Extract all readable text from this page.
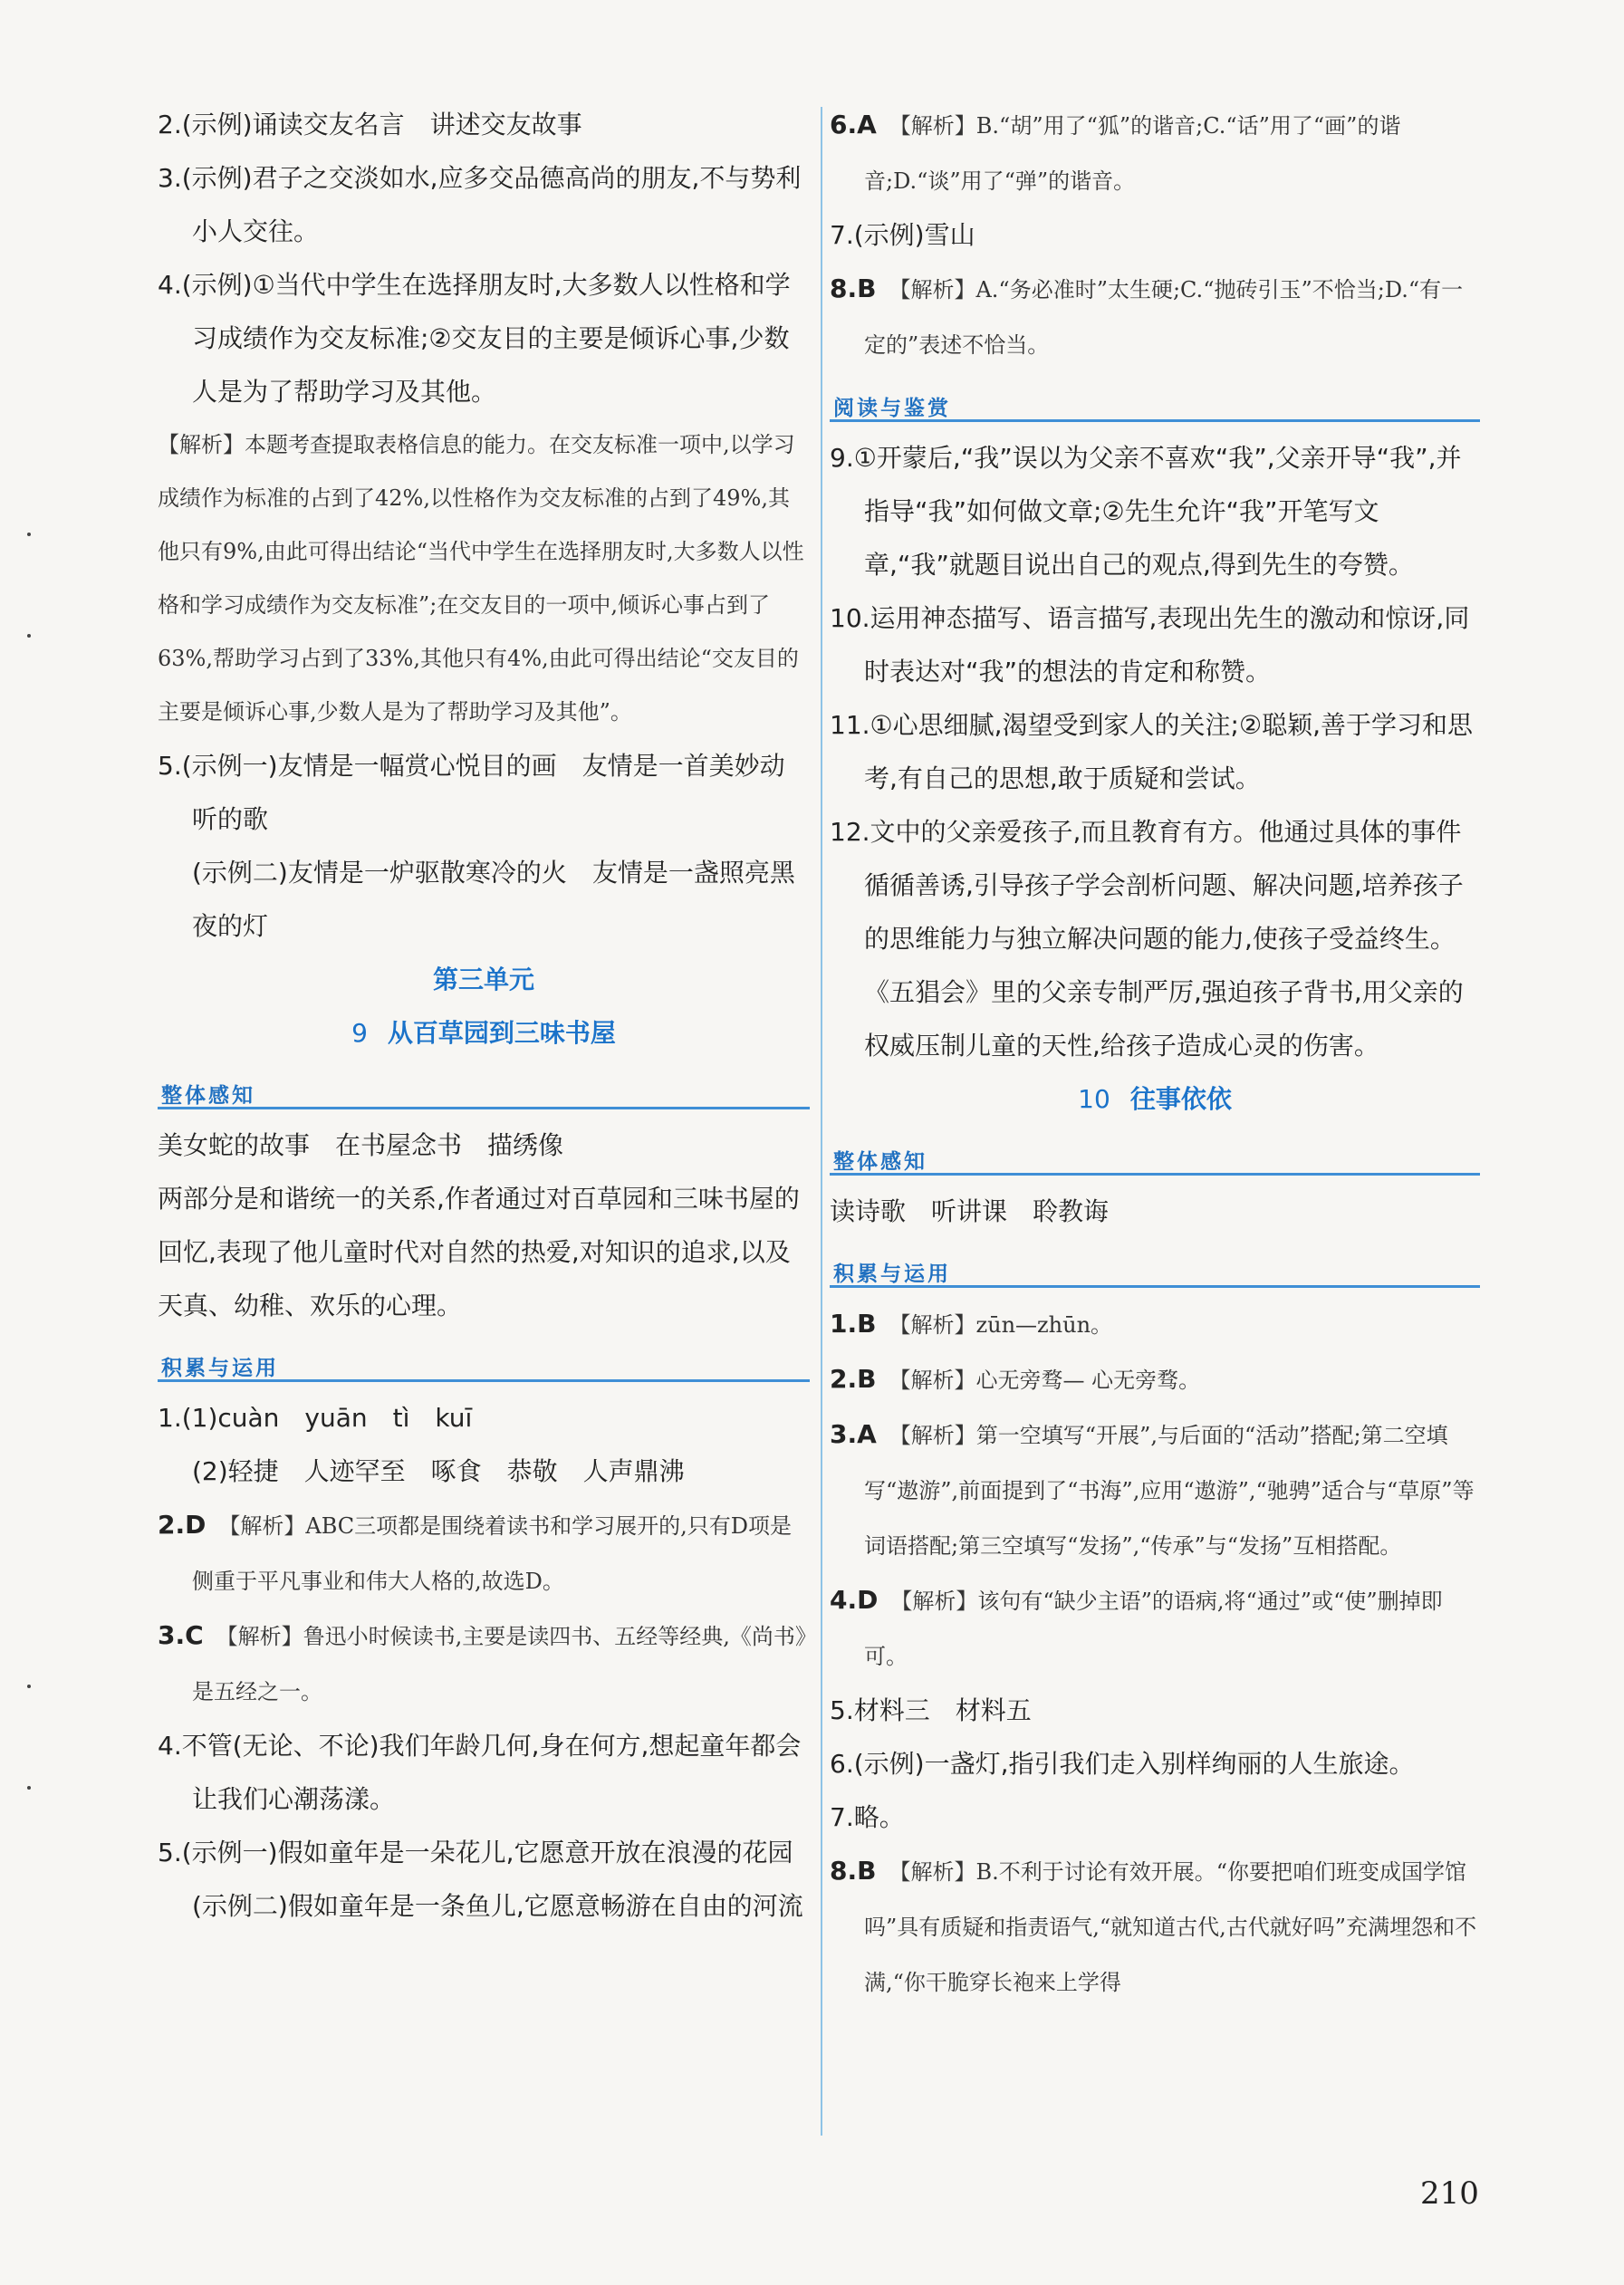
2.(示例)诵读交友名言　讲述交友故事

3.(示例)君子之交淡如水,应多交品德高尚的朋友,不与势利小人交往。

4.(示例)①当代中学生在选择朋友时,大多数人以性格和学习成绩作为交友标准;②交友目的主要是倾诉心事,少数人是为了帮助学习及其他。

【解析】本题考查提取表格信息的能力。在交友标准一项中,以学习成绩作为标准的占到了42%,以性格作为交友标准的占到了49%,其他只有9%,由此可得出结论“当代中学生在选择朋友时,大多数人以性格和学习成绩作为交友标准”;在交友目的一项中,倾诉心事占到了63%,帮助学习占到了33%,其他只有4%,由此可得出结论“交友目的主要是倾诉心事,少数人是为了帮助学习及其他”。

5.(示例一)友情是一幅赏心悦目的画　友情是一首美妙动听的歌

(示例二)友情是一炉驱散寒冷的火　友情是一盏照亮黑夜的灯

第三单元

9 从百草园到三味书屋

整体感知

美女蛇的故事　在书屋念书　描绣像

两部分是和谐统一的关系,作者通过对百草园和三味书屋的回忆,表现了他儿童时代对自然的热爱,对知识的追求,以及天真、幼稚、欢乐的心理。

积累与运用

1.(1)cuàn　yuān　tì　kuī

(2)轻捷　人迹罕至　啄食　恭敬　人声鼎沸

2.D 【解析】ABC三项都是围绕着读书和学习展开的,只有D项是侧重于平凡事业和伟大人格的,故选D。

3.C 【解析】鲁迅小时候读书,主要是读四书、五经等经典,《尚书》是五经之一。

4.不管(无论、不论)我们年龄几何,身在何方,想起童年都会让我们心潮荡漾。

5.(示例一)假如童年是一朵花儿,它愿意开放在浪漫的花园

(示例二)假如童年是一条鱼儿,它愿意畅游在自由的河流

6.A 【解析】B.“胡”用了“狐”的谐音;C.“话”用了“画”的谐音;D.“谈”用了“弹”的谐音。

7.(示例)雪山

8.B 【解析】A.“务必准时”太生硬;C.“抛砖引玉”不恰当;D.“有一定的”表述不恰当。

阅读与鉴赏

9.①开蒙后,“我”误以为父亲不喜欢“我”,父亲开导“我”,并指导“我”如何做文章;②先生允许“我”开笔写文章,“我”就题目说出自己的观点,得到先生的夸赞。

10.运用神态描写、语言描写,表现出先生的激动和惊讶,同时表达对“我”的想法的肯定和称赞。

11.①心思细腻,渴望受到家人的关注;②聪颖,善于学习和思考,有自己的思想,敢于质疑和尝试。

12.文中的父亲爱孩子,而且教育有方。他通过具体的事件循循善诱,引导孩子学会剖析问题、解决问题,培养孩子的思维能力与独立解决问题的能力,使孩子受益终生。《五猖会》里的父亲专制严厉,强迫孩子背书,用父亲的权威压制儿童的天性,给孩子造成心灵的伤害。

10 往事依依

整体感知

读诗歌　听讲课　聆教诲

积累与运用

1.B 【解析】zūn—zhūn。

2.B 【解析】心无旁骛— 心无旁骛。

3.A 【解析】第一空填写“开展”,与后面的“活动”搭配;第二空填写“遨游”,前面提到了“书海”,应用“遨游”,“驰骋”适合与“草原”等词语搭配;第三空填写“发扬”,“传承”与“发扬”互相搭配。

4.D 【解析】该句有“缺少主语”的语病,将“通过”或“使”删掉即可。

5.材料三　材料五

6.(示例)一盏灯,指引我们走入别样绚丽的人生旅途。

7.略。

8.B 【解析】B.不利于讨论有效开展。“你要把咱们班变成国学馆吗”具有质疑和指责语气,“就知道古代,古代就好吗”充满埋怨和不满,“你干脆穿长袍来上学得

210
